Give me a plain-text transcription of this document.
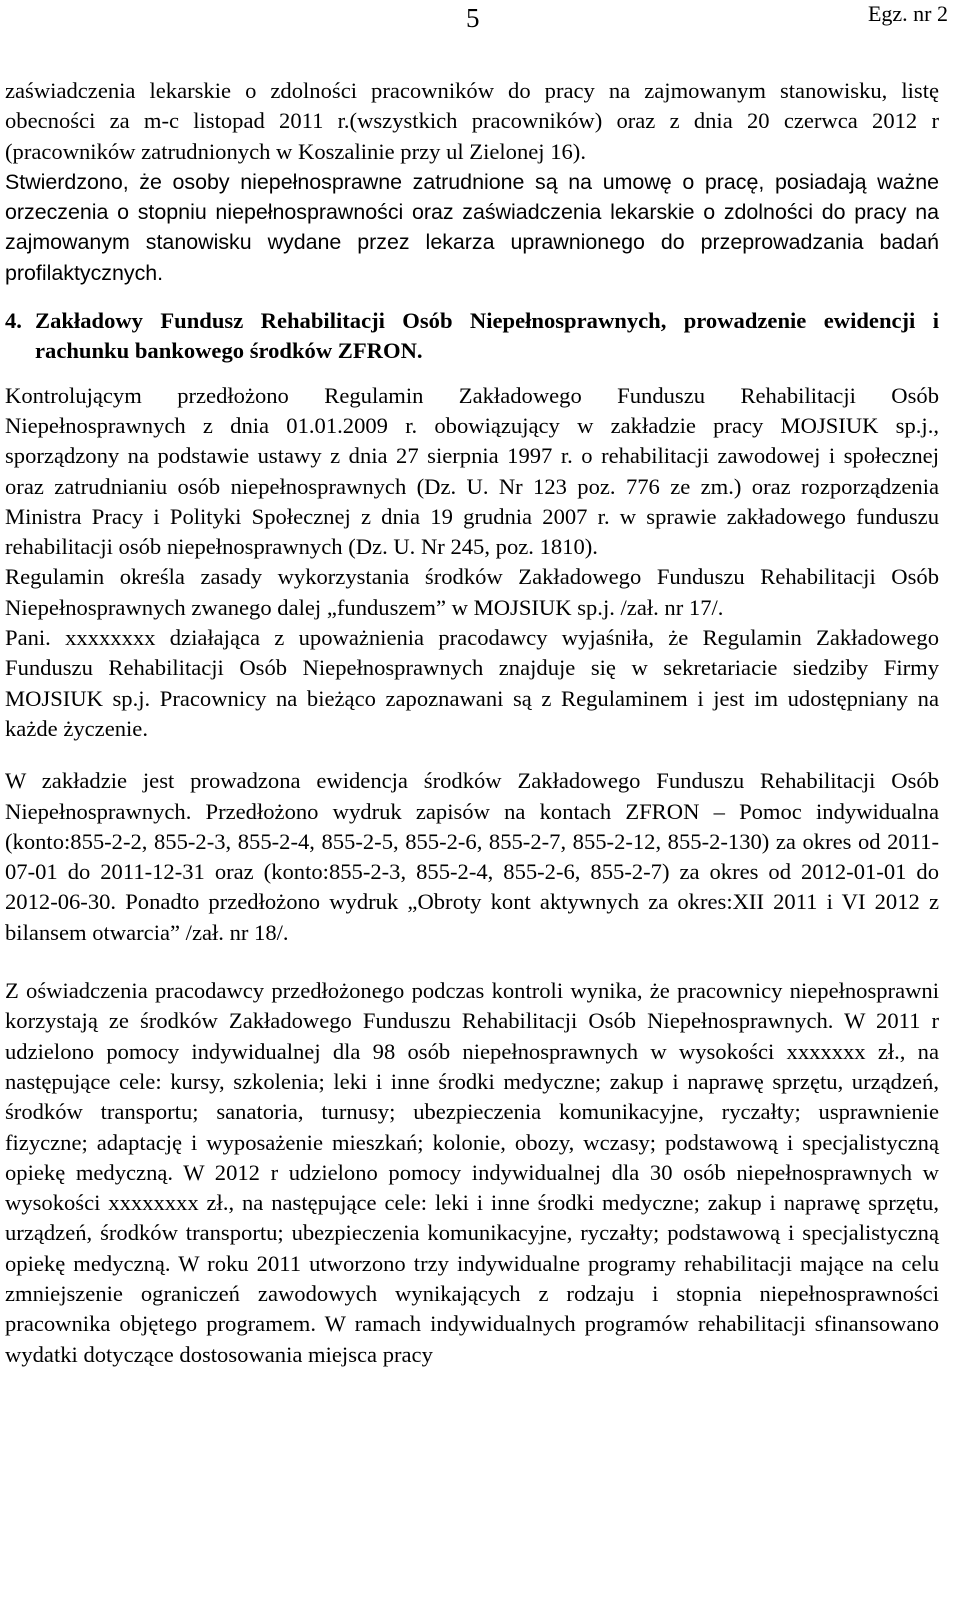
5	Egz. nr 2

zaświadczenia lekarskie o zdolności pracowników do pracy na zajmowanym stanowisku, listę obecności za m-c listopad 2011 r.(wszystkich pracowników) oraz z dnia 20 czerwca 2012 r (pracowników zatrudnionych w Koszalinie przy ul Zielonej 16).

Stwierdzono, że osoby niepełnosprawne zatrudnione są na umowę o pracę, posiadają ważne orzeczenia o stopniu niepełnosprawności oraz zaświadczenia lekarskie o zdolności do pracy na zajmowanym stanowisku wydane przez lekarza uprawnionego do przeprowadzania badań profilaktycznych.

4. Zakładowy Fundusz Rehabilitacji Osób Niepełnosprawnych, prowadzenie ewidencji i rachunku bankowego środków ZFRON.

Kontrolującym przedłożono Regulamin Zakładowego Funduszu Rehabilitacji Osób Niepełnosprawnych z dnia 01.01.2009 r. obowiązujący w zakładzie pracy MOJSIUK sp.j., sporządzony na podstawie ustawy z dnia 27 sierpnia 1997 r. o rehabilitacji zawodowej i społecznej oraz zatrudnianiu osób niepełnosprawnych (Dz. U. Nr 123 poz. 776 ze zm.) oraz rozporządzenia Ministra Pracy i Polityki Społecznej z dnia 19 grudnia 2007 r. w sprawie zakładowego funduszu rehabilitacji osób niepełnosprawnych (Dz. U. Nr 245, poz. 1810).

Regulamin określa zasady wykorzystania środków Zakładowego Funduszu Rehabilitacji Osób Niepełnosprawnych zwanego dalej „funduszem” w MOJSIUK sp.j. /zał. nr 17/.

Pani. xxxxxxxx działająca z upoważnienia pracodawcy wyjaśniła, że Regulamin Zakładowego Funduszu Rehabilitacji Osób Niepełnosprawnych znajduje się w sekretariacie siedziby Firmy MOJSIUK sp.j. Pracownicy na bieżąco zapoznawani są z Regulaminem i jest im udostępniany na każde życzenie.

W zakładzie jest prowadzona ewidencja środków Zakładowego Funduszu Rehabilitacji Osób Niepełnosprawnych. Przedłożono wydruk zapisów na kontach ZFRON – Pomoc indywidualna (konto:855-2-2, 855-2-3, 855-2-4, 855-2-5, 855-2-6, 855-2-7, 855-2-12, 855-2-130) za okres od 2011-07-01 do 2011-12-31 oraz (konto:855-2-3, 855-2-4, 855-2-6, 855-2-7) za okres od 2012-01-01 do 2012-06-30. Ponadto przedłożono wydruk „Obroty kont aktywnych za okres:XII 2011 i VI 2012 z bilansem otwarcia” /zał. nr 18/.

Z oświadczenia pracodawcy przedłożonego podczas kontroli wynika, że pracownicy niepełnosprawni korzystają ze środków Zakładowego Funduszu Rehabilitacji Osób Niepełnosprawnych. W 2011 r udzielono pomocy indywidualnej dla 98 osób niepełnosprawnych w wysokości xxxxxxx zł., na następujące cele: kursy, szkolenia; leki i inne środki medyczne; zakup i naprawę sprzętu, urządzeń, środków transportu; sanatoria, turnusy; ubezpieczenia komunikacyjne, ryczałty; usprawnienie fizyczne; adaptację i wyposażenie mieszkań; kolonie, obozy, wczasy; podstawową i specjalistyczną opiekę medyczną. W 2012 r udzielono pomocy indywidualnej dla 30 osób niepełnosprawnych w wysokości xxxxxxxx zł., na następujące cele: leki i inne środki medyczne; zakup i naprawę sprzętu, urządzeń, środków transportu; ubezpieczenia komunikacyjne, ryczałty; podstawową i specjalistyczną opiekę medyczną. W roku 2011 utworzono trzy indywidualne programy rehabilitacji mające na celu zmniejszenie ograniczeń zawodowych wynikających z rodzaju i stopnia niepełnosprawności pracownika objętego programem. W ramach indywidualnych programów rehabilitacji sfinansowano wydatki dotyczące dostosowania miejsca pracy
